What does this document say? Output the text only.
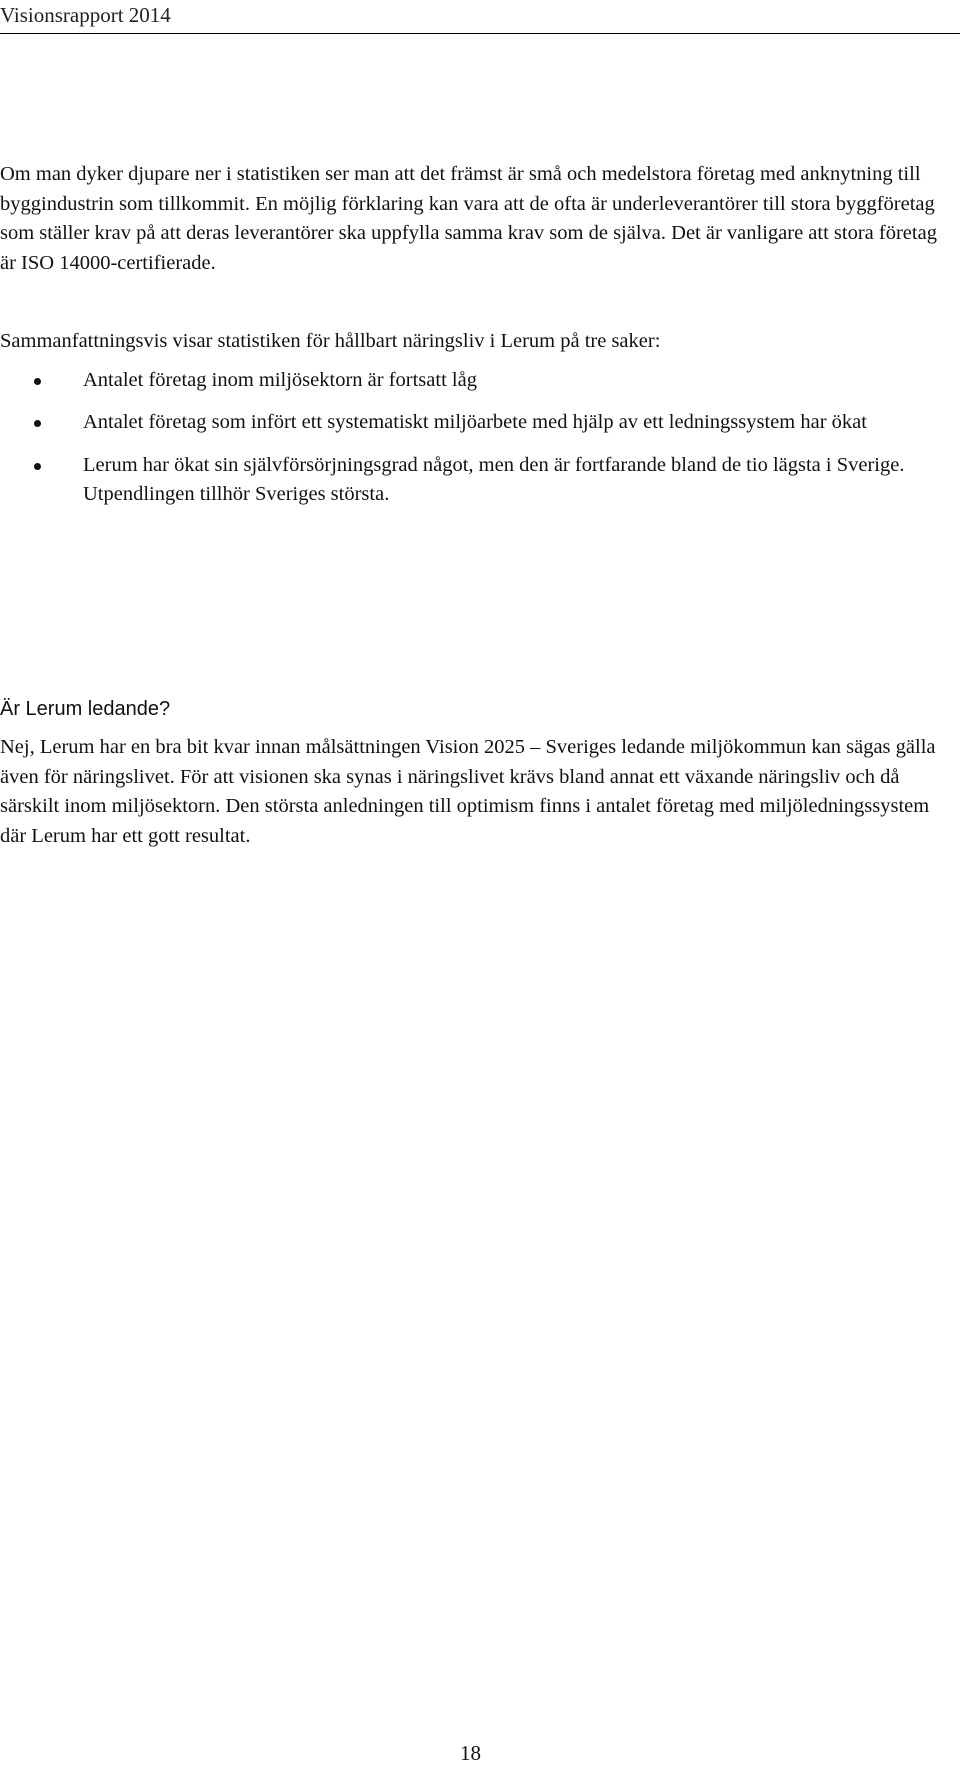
Visionsrapport 2014

Om man dyker djupare ner i statistiken ser man att det främst är små och medelstora företag med anknytning till byggindustrin som tillkommit. En möjlig förklaring kan vara att de ofta är underleverantörer till stora byggföretag som ställer krav på att deras leverantörer ska uppfylla samma krav som de själva. Det är vanligare att stora företag är ISO 14000-certifierade.

Sammanfattningsvis visar statistiken för hållbart näringsliv i Lerum på tre saker:

Antalet företag inom miljösektorn är fortsatt låg
Antalet företag som infört ett systematiskt miljöarbete med hjälp av ett ledningssystem har ökat
Lerum har ökat sin självförsörjningsgrad något, men den är fortfarande bland de tio lägsta i Sverige. Utpendlingen tillhör Sveriges största.
Är Lerum ledande?

Nej, Lerum har en bra bit kvar innan målsättningen Vision 2025 – Sveriges ledande miljökommun kan sägas gälla även för näringslivet. För att visionen ska synas i näringslivet krävs bland annat ett växande näringsliv och då särskilt inom miljösektorn. Den största anledningen till optimism finns i antalet företag med miljöledningssystem där Lerum har ett gott resultat.

18
